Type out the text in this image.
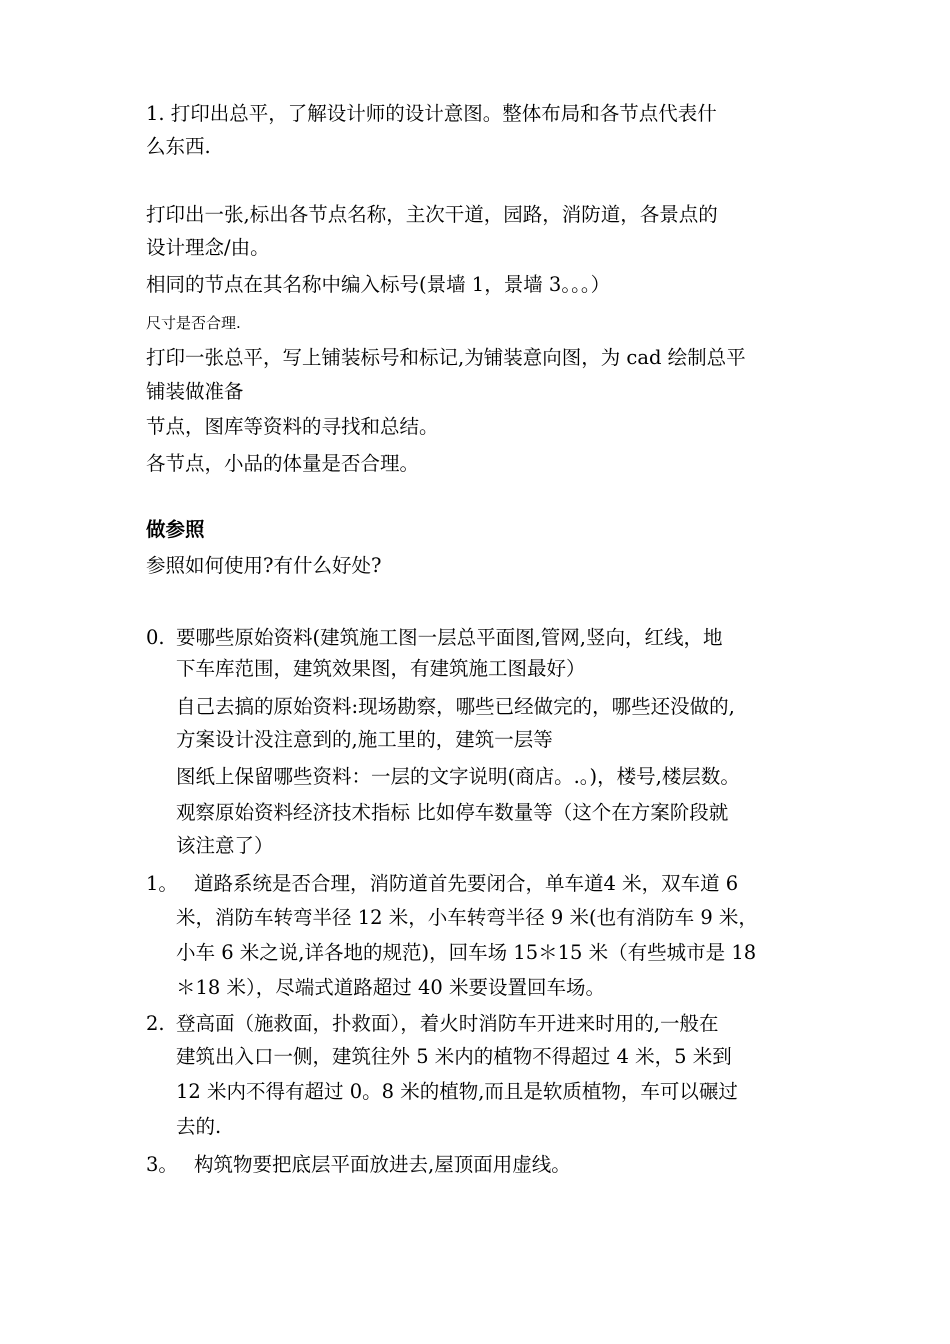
1. 打印出总平，了解设计师的设计意图。整体布局和各节点代表什
么东西.
打印出一张,标出各节点名称，主次干道，园路，消防道，各景点的
设计理念/由。
相同的节点在其名称中编入标号(景墙 1，景墙 3。。。）
尺寸是否合理.
打印一张总平，写上铺装标号和标记,为铺装意向图，为 cad 绘制总平
铺装做准备
节点，图库等资料的寻找和总结。
各节点，小品的体量是否合理。
做参照
参照如何使用?有什么好处?
0. 要哪些原始资料(建筑施工图一层总平面图,管网,竖向，红线，地
下车库范围，建筑效果图，有建筑施工图最好）
自己去搞的原始资料:现场勘察，哪些已经做完的，哪些还没做的,
方案设计没注意到的,施工里的，建筑一层等
图纸上保留哪些资料：一层的文字说明(商店。.。)，楼号,楼层数。
观察原始资料经济技术指标 比如停车数量等（这个在方案阶段就
该注意了）
1。 道路系统是否合理，消防道首先要闭合，单车道4 米，双车道 6
米，消防车转弯半径 12 米，小车转弯半径 9 米(也有消防车 9 米，
小车 6 米之说,详各地的规范)，回车场 15＊15 米（有些城市是 18
＊18 米），尽端式道路超过 40 米要设置回车场。
2. 登高面（施救面，扑救面），着火时消防车开进来时用的,一般在
建筑出入口一侧，建筑往外 5 米内的植物不得超过 4 米，5 米到
12 米内不得有超过 0。8 米的植物,而且是软质植物，车可以碾过
去的.
3。 构筑物要把底层平面放进去,屋顶面用虚线。
